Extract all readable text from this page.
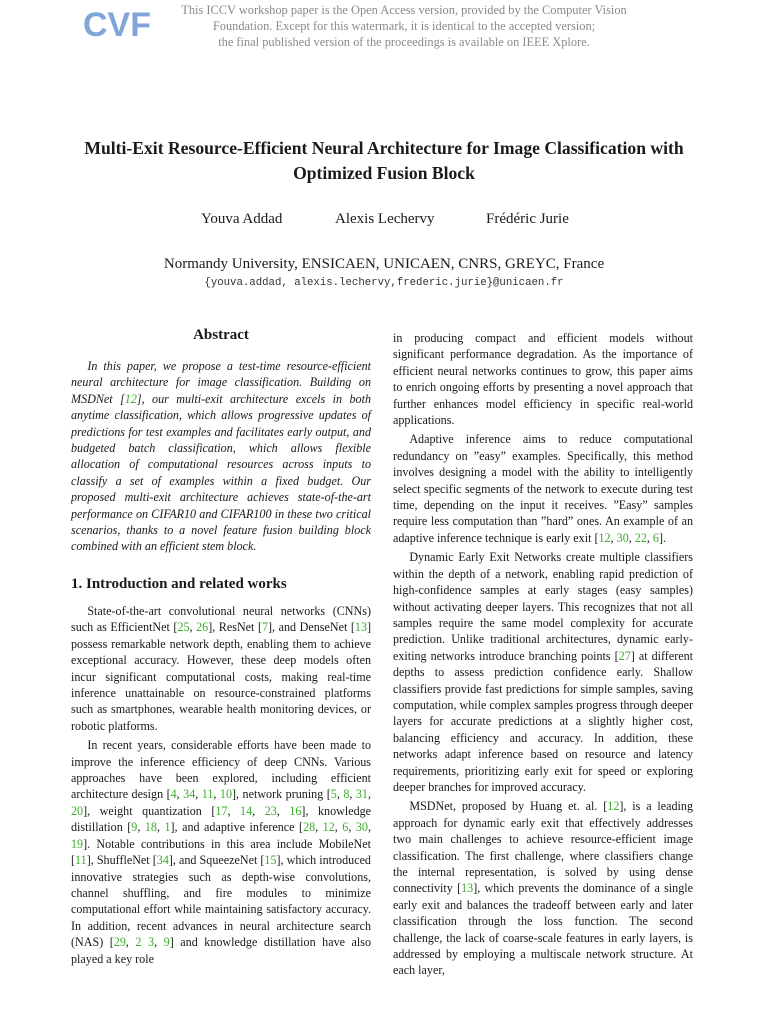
CVF	This ICCV workshop paper is the Open Access version, provided by the Computer Vision
Foundation. Except for this watermark, it is identical to the accepted version;
the final published version of the proceedings is available on IEEE Xplore.
Multi-Exit Resource-Efficient Neural Architecture for Image Classification with
Optimized Fusion Block
Youva Addad	Alexis Lechervy	Frédéric Jurie
Normandy University, ENSICAEN, UNICAEN, CNRS, GREYC, France
{youva.addad, alexis.lechervy,frederic.jurie}@unicaen.fr
Abstract

In this paper, we propose a test-time resource-efficient neural architecture for image classification. Building on MSDNet [12], our multi-exit architecture excels in both anytime classification, which allows progressive updates of predictions for test examples and facilitates early output, and budgeted batch classification, which allows flexible allocation of computational resources across inputs to classify a set of examples within a fixed budget. Our proposed multi-exit architecture achieves state-of-the-art performance on CIFAR10 and CIFAR100 in these two critical scenarios, thanks to a novel feature fusion building block combined with an efficient stem block.

1. Introduction and related works

State-of-the-art convolutional neural networks (CNNs) such as EfficientNet [25, 26], ResNet [7], and DenseNet [13] possess remarkable network depth, enabling them to achieve exceptional accuracy. However, these deep models often incur significant computational costs, making real-time inference unattainable on resource-constrained platforms such as smartphones, wearable health monitoring devices, or robotic platforms.

In recent years, considerable efforts have been made to improve the inference efficiency of deep CNNs. Various approaches have been explored, including efficient architecture design [4, 34, 11, 10], network pruning [5, 8, 31, 20], weight quantization [17, 14, 23, 16], knowledge distillation [9, 18, 1], and adaptive inference [28, 12, 6, 30, 19]. Notable contributions in this area include MobileNet [11], ShuffleNet [34], and SqueezeNet [15], which introduced innovative strategies such as depth-wise convolutions, channel shuffling, and fire modules to minimize computational effort while maintaining satisfactory accuracy. In addition, recent advances in neural architecture search (NAS) [29, 2 3, 9] and knowledge distillation have also played a key role

in producing compact and efficient models without significant performance degradation. As the importance of efficient neural networks continues to grow, this paper aims to enrich ongoing efforts by presenting a novel approach that further enhances model efficiency in specific real-world applications.

Adaptive inference aims to reduce computational redundancy on ”easy” examples. Specifically, this method involves designing a model with the ability to intelligently select specific segments of the network to execute during test time, depending on the input it receives. ”Easy” samples require less computation than ”hard” ones. An example of an adaptive inference technique is early exit [12, 30, 22, 6].

Dynamic Early Exit Networks create multiple classifiers within the depth of a network, enabling rapid prediction of high-confidence samples at early stages (easy samples) without activating deeper layers. This recognizes that not all samples require the same model complexity for accurate prediction. Unlike traditional architectures, dynamic early-exiting networks introduce branching points [27] at different depths to assess prediction confidence early. Shallow classifiers provide fast predictions for simple samples, saving computation, while complex samples progress through deeper layers for accurate predictions at a slightly higher cost, balancing efficiency and accuracy. In addition, these networks adapt inference based on resource and latency requirements, prioritizing early exit for speed or exploring deeper branches for improved accuracy.

MSDNet, proposed by Huang et. al. [12], is a leading approach for dynamic early exit that effectively addresses two main challenges to achieve resource-efficient image classification. The first challenge, where classifiers change the internal representation, is solved by using dense connectivity [13], which prevents the dominance of a single early exit and balances the tradeoff between early and later classification through the loss function. The second challenge, the lack of coarse-scale features in early layers, is addressed by employing a multiscale network structure. At each layer,
